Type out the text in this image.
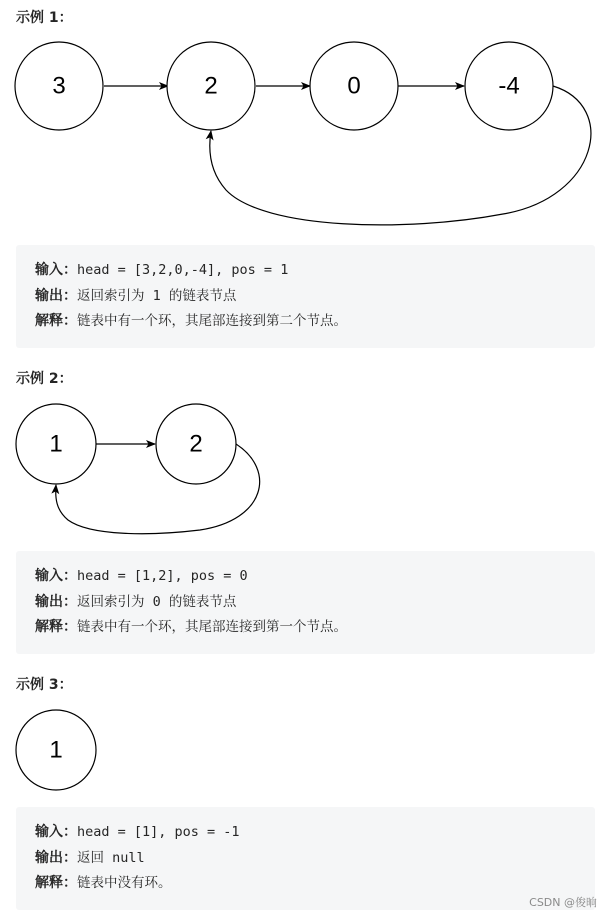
示例 1：
3	2	0	-4
输入：head = [3,2,0,-4], pos = 1
输出：返回索引为 1 的链表节点
解释：链表中有一个环，其尾部连接到第二个节点。
示例 2：
1	2
输入：head = [1,2], pos = 0
输出：返回索引为 0 的链表节点
解释：链表中有一个环，其尾部连接到第一个节点。
示例 3：
1
输入：head = [1], pos = -1
输出：返回 null
解释：链表中没有环。
CSDN @俊晌
